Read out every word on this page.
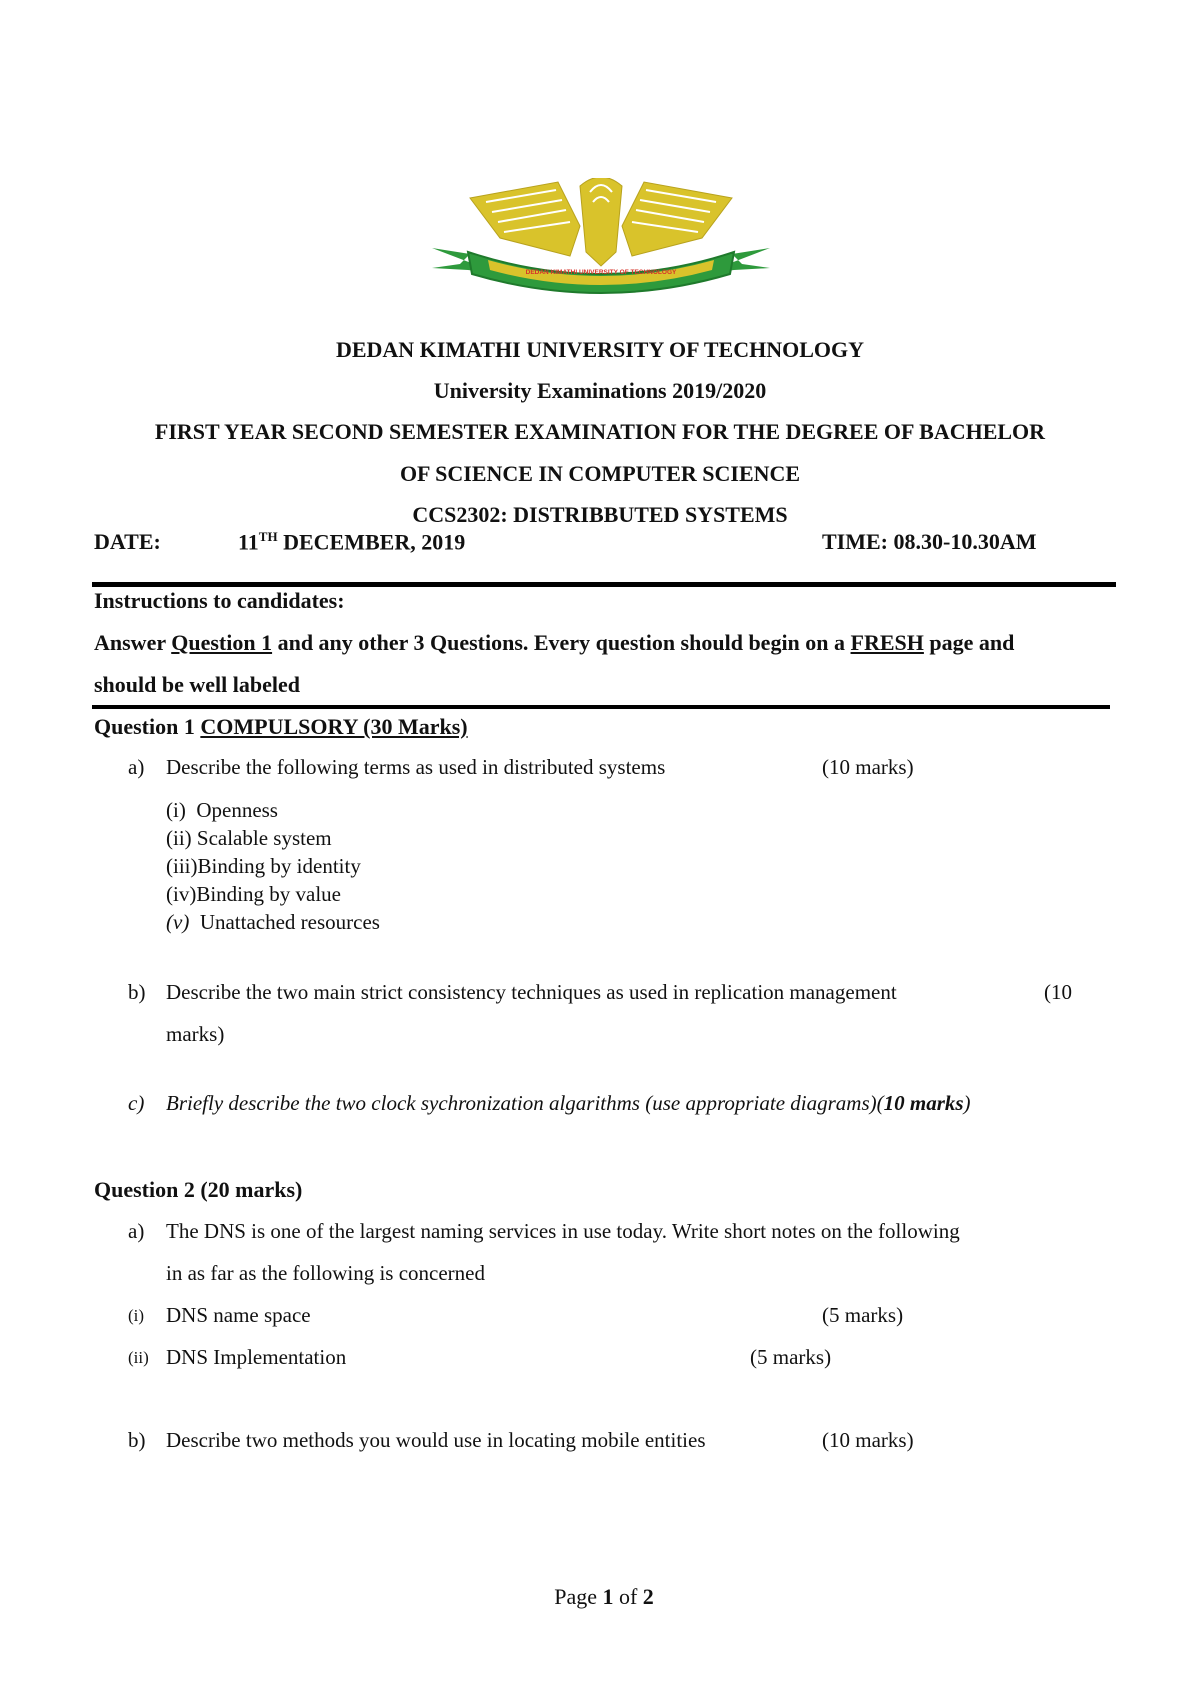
DEDAN KIMATHI UNIVERSITY OF TECHNOLOGY
DEDAN KIMATHI UNIVERSITY OF TECHNOLOGY
University Examinations 2019/2020
FIRST YEAR SECOND SEMESTER EXAMINATION FOR THE DEGREE OF BACHELOR
OF SCIENCE IN COMPUTER SCIENCE
CCS2302: DISTRIBBUTED SYSTEMS
DATE:	11TH DECEMBER, 2019	TIME: 08.30-10.30AM
Instructions to candidates:
Answer Question 1 and any other 3 Questions. Every question should begin on a FRESH page and
should be well labeled
Question 1 COMPULSORY (30 Marks)
a) Describe the following terms as used in distributed systems	(10 marks)
(i) Openness
(ii) Scalable system
(iii)Binding by identity
(iv)Binding by value
(v) Unattached resources
b) Describe the two main strict consistency techniques as used in replication management	(10
marks)
c) Briefly describe the two clock sychronization algarithms (use appropriate diagrams)(10 marks)
Question 2 (20 marks)
a) The DNS is one of the largest naming services in use today. Write short notes on the following
in as far as the following is concerned
(i) DNS name space	(5 marks)
(ii) DNS Implementation	(5 marks)
b) Describe two methods you would use in locating mobile entities	(10 marks)
Page 1 of 2
